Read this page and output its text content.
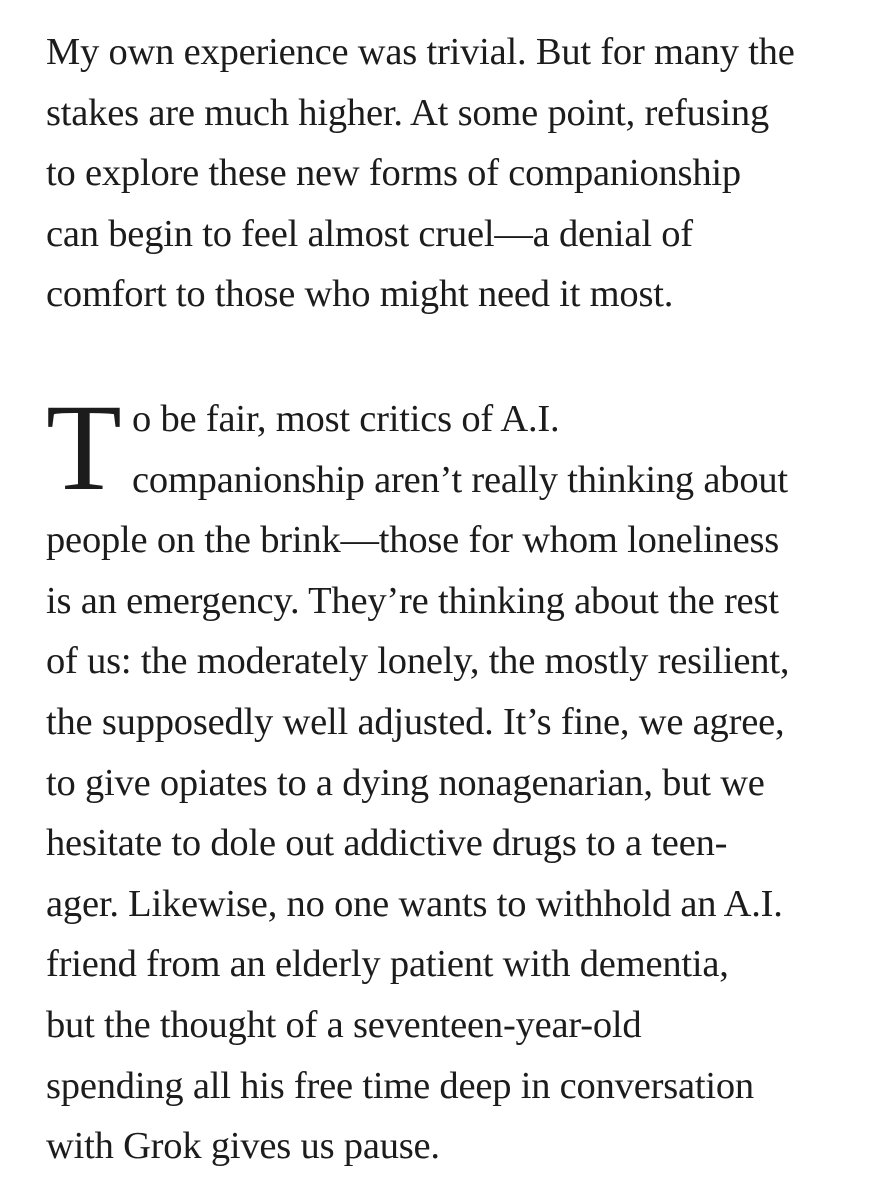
My own experience was trivial. But for many the
stakes are much higher. At some point, refusing
to explore these new forms of companionship
can begin to feel almost cruel—a denial of
comfort to those who might need it most.
T o be fair, most critics of A.I.
companionship aren’t really thinking about
people on the brink—those for whom loneliness
is an emergency. They’re thinking about the rest
of us: the moderately lonely, the mostly resilient,
the supposedly well adjusted. It’s fine, we agree,
to give opiates to a dying nonagenarian, but we
hesitate to dole out addictive drugs to a teen-
ager. Likewise, no one wants to withhold an A.I.
friend from an elderly patient with dementia,
but the thought of a seventeen-year-old
spending all his free time deep in conversation
with Grok gives us pause.
